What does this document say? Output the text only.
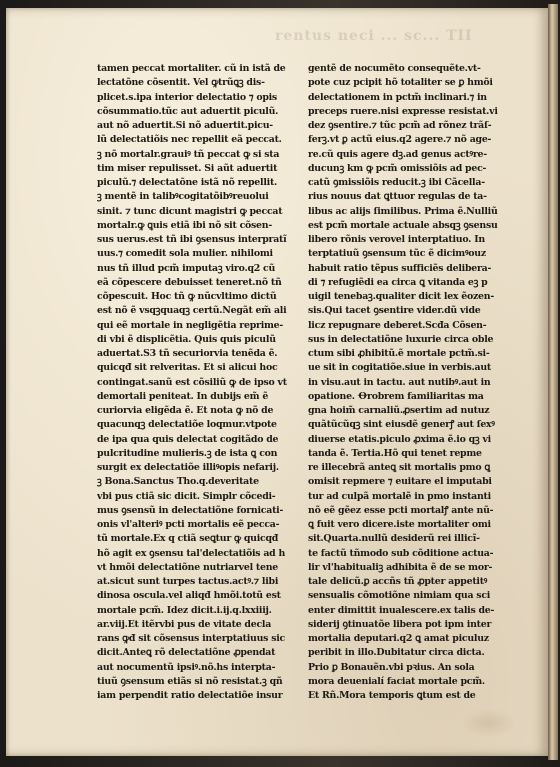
rentus neci ... sc... TII
tamen peccat mortaliter. cũ in istã de
lectatõne cõsentit. Vel ꝙtrũꝗꝫ dis-
plicet.s.ipa interior delectatio ⁊ opis
cõsummatio.tũc aut aduertit piculũ.
aut nõ aduertit.Si nõ aduertit.picu-
lũ delectatiõis nec repellit eã peccat.
ꝫ nõ mortalr.grauiꝰ tñ peccat ꝙ si sta
tim miser repulisset. Si aũt aduertit
piculũ.⁊ delectatõne istã nõ repellit.
ꝫ mentẽ in talibꝰcogitatõibꝰreuolui
sinit. ⁊ tunc dicunt magistri ꝙ peccat
mortalr.ꝙ ꝗuis etiã ibi nõ sit cõsen-
sus uerus.est tñ ibi ꝯsensus interpratĩ
uus.⁊ comedit sola mulier. nihilomi
nus tñ illud pcm̃ imputaꝫ viro.q2 cũ
eã cõpescere debuisset teneret.nõ tñ
cõpescuit. Hoc tñ ꝙ nũcvltimo dictũ
est nõ ẽ vsqꝫquaqꝫ certũ.Negãt em̃ ali
qui eẽ mortale in negligẽtia reprime-
di vbi ẽ displicẽtia. Quis quis piculũ
aduertat.S3 tñ securiorvia tenẽda ẽ.
quicqđ sit relveritas. Et si alicui hoc
contingat.sanũ est cõsiliũ ꝙ de ipso vt
demortali peniteat. In dubijs em̃ ẽ
curiorvia eligẽda ẽ. Et nota ꝙ nõ de
quacunqꝫ delectatiõe loqmur.vtpote
de ipa qua quis delectat cogitãdo de
pulcritudine mulieris.ꝫ de ista ꝗ con
surgit ex delectatiõe illiꝰopis nefarij.
ꝫ Bona.Sanctus Tho.q.deveritate
vbi pus ctiã sic dicit. Simplr cõcedi-
mus ꝯsensũ in delectatiõne fornicati-
onis vl'alteriꝰ pcti mortalis eẽ pecca-
tũ mortale.Ex q ctiã seꝗtur ꝙ quicqđ
hõ agit ex ꝯsensu tal'delectatiõis ad h
vt hmõi delectatiõne nutriarvel tene
at.sicut sunt turpes tactus.actꝰ.⁊ libi
dinosa oscula.vel aliqđ hmõi.totũ est
mortale pcm̃. Idez dicit.i.ij.q.lxxiiij.
ar.viij.Et itẽrvbi pus de vitate decla
rans ꝙđ sit cõsensus interptatiuus sic
dicit.Anteꝗ rõ delectatiõne ꝓpendat
aut nocumentũ ipsiꝰ.nõ.hs interpta-
tiuũ ꝯsensum etiãs si nõ resistat.ꝫ qñ
iam perpendit ratio delectatiõe insur
gentẽ de nocumẽto consequẽte.vt-
pote cuz pcipit hõ totaliter se ꝑ hmõi
delectationem in pctm̃ inclinari.⁊ in
preceps ruere.nisi expresse resistat.vi
dez ꝯsentire.⁊ tũc pcm̃ ad rõnez trãſ-
ferꝫ.vt ꝑ actũ eius.q2 agere.⁊ nõ age-
re.cũ quis agere dꝫ.ad genus actꝰre-
ducunꝫ km ꝙ pcm̃ omissiõis ad pec-
catũ ꝯmissiõis reducit.ꝫ ibi Cãcella-
rius nouus dat ꝗttuor regulas de ta-
libus ac alijs ſimilibus. Prima ẽ.Nulliũ
est pcm̃ mortale actuale absqꝫ ꝯsensu
libero rõnis verovel interptatiuo. In
terptatiuũ ꝯsensum tũc ẽ dicimꝰouz
habuit ratio tẽpus sufficiẽs delibera-
di ⁊ refugiẽdi ea circa ꝗ vitanda eꝫ p
uigil tenebaꝫ.qualiter dicit lex ẽozen-
sis.Qui tacet ꝯsentire vider.dũ vide
licz repugnare deberet.Scđa Cõsen-
sus in delectatiõne luxurie circa oble
ctum sibi ꝓhibitũ.ẽ mortale pctm̃.si-
ue sit in cogitatiõe.siue in verbis.aut
in visu.aut in tactu. aut nutibꝰ.aut in
opatione. Ꝋrobrem familiaritas ma
gna hoim̃ carnaliũ.ꝓsertim ad nutuz
quãtũcũqꝫ sint eiusdẽ generꝭ aut ſexꝰ
diuerse etatis.piculo ꝓxima ẽ.io qꝫ vi
tanda ẽ. Tertia.Hõ qui tenet repme
re illecebrã anteꝗ sit mortalis pmo ꝗ
omisit repmere ⁊ euitare el imputabi
tur ad culpã mortalẽ in pmo instanti
nõ eẽ gẽez esse pcti mortalꝭ ante nũ-
ꝗ fuit vero dicere.iste mortaliter omi
sit.Quarta.nullũ desiderũ rei illicĩ-
te factũ tñmodo sub cõditione actua-
lir vl'habitualiꝫ adhibita ẽ de se mor-
tale delicũ.ꝑ accñs tñ ꝓpter appetitꝰ
sensualis cõmotiõne nimiam qua sci
enter dimittit inualescere.ex talis de-
siderij ꝯtinuatõe libera pot ipm inter
mortalia deputari.q2 ꝗ amat piculuz
peribit in illo.Dubitatur circa dicta.
Prio ꝑ Bonauẽn.vbi pꝛius. An sola
mora deuenialí faciat mortale pcm̃.
Et Rñ.Mora temporis ꝗtum est de
